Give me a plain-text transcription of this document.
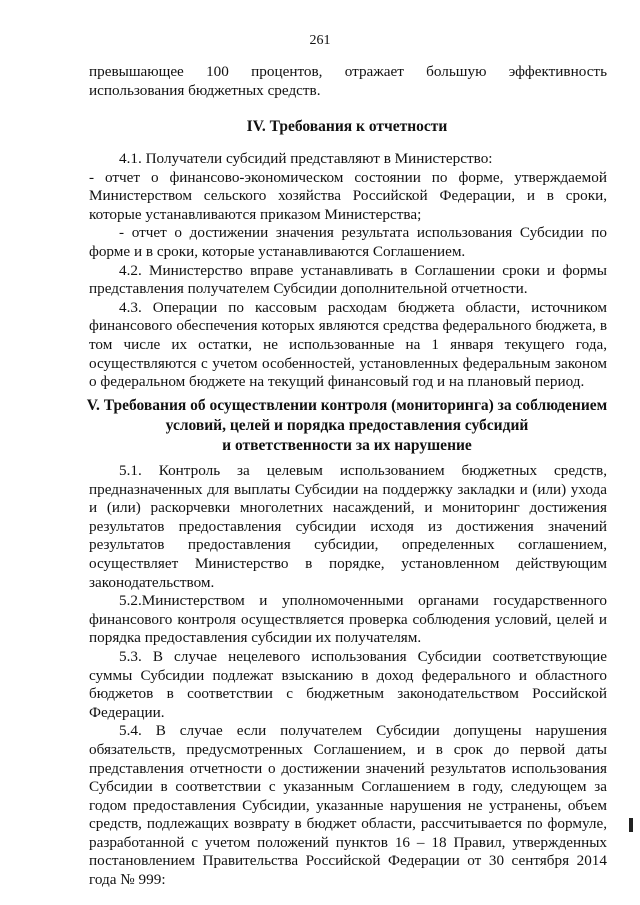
261

превышающее 100 процентов, отражает большую эффективность использования бюджетных средств.

IV. Требования к отчетности

4.1. Получатели субсидий представляют в Министерство:

- отчет о финансово-экономическом состоянии по форме, утверждаемой Министерством сельского хозяйства Российской Федерации, и в сроки, которые устанавливаются приказом Министерства;

- отчет о достижении значения результата использования Субсидии по форме и в сроки, которые устанавливаются Соглашением.

4.2. Министерство вправе устанавливать в Соглашении сроки и формы представления получателем Субсидии дополнительной отчетности.

4.3. Операции по кассовым расходам бюджета области, источником финансового обеспечения которых являются средства федерального бюджета, в том числе их остатки, не использованные на 1 января текущего года, осуществляются с учетом особенностей, установленных федеральным законом о федеральном бюджете на текущий финансовый год и на плановый период.

V. Требования об осуществлении контроля (мониторинга) за соблюдением
условий, целей и порядка предоставления субсидий
и ответственности за их нарушение

5.1. Контроль за целевым использованием бюджетных средств, предназначенных для выплаты Субсидии на поддержку закладки и (или) ухода и (или) раскорчевки многолетних насаждений, и мониторинг достижения результатов предоставления субсидии исходя из достижения значений результатов предоставления субсидии, определенных соглашением, осуществляет Министерство в порядке, установленном действующим законодательством.

5.2.Министерством и уполномоченными органами государственного финансового контроля осуществляется проверка соблюдения условий, целей и порядка предоставления субсидии их получателям.

5.3. В случае нецелевого использования Субсидии соответствующие суммы Субсидии подлежат взысканию в доход федерального и областного бюджетов в соответствии с бюджетным законодательством Российской Федерации.

5.4. В случае если получателем Субсидии допущены нарушения обязательств, предусмотренных Соглашением, и в срок до первой даты представления отчетности о достижении значений результатов использования Субсидии в соответствии с указанным Соглашением в году, следующем за годом предоставления Субсидии, указанные нарушения не устранены, объем средств, подлежащих возврату в бюджет области, рассчитывается по формуле, разработанной с учетом положений пунктов 16 – 18 Правил, утвержденных постановлением Правительства Российской Федерации от 30 сентября 2014 года № 999:
